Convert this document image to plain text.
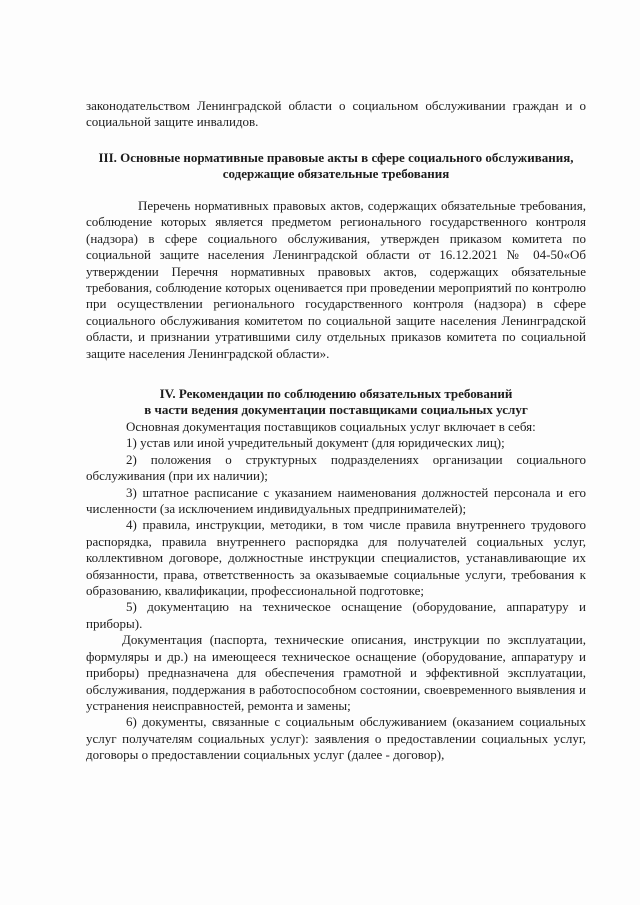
законодательством Ленинградской области о социальном обслуживании граждан и о социальной защите инвалидов.

III. Основные нормативные правовые акты в сфере социального обслуживания, содержащие обязательные требования

Перечень нормативных правовых актов, содержащих обязательные требования, соблюдение которых является предметом регионального государственного контроля (надзора) в сфере социального обслуживания, утвержден приказом комитета по социальной защите населения Ленинградской области от 16.12.2021 № 04-50«Об утверждении Перечня нормативных правовых актов, содержащих обязательные требования, соблюдение которых оценивается при проведении мероприятий по контролю при осуществлении регионального государственного контроля (надзора) в сфере социального обслуживания комитетом по социальной защите населения Ленинградской области, и признании утратившими силу отдельных приказов комитета по социальной защите населения Ленинградской области».

IV. Рекомендации по соблюдению обязательных требований

в части ведения документации поставщиками социальных услуг

Основная документация поставщиков социальных услуг включает в себя:

1) устав или иной учредительный документ (для юридических лиц);

2) положения о структурных подразделениях организации социального обслуживания (при их наличии);

3) штатное расписание с указанием наименования должностей персонала и его численности (за исключением индивидуальных предпринимателей);

4) правила, инструкции, методики, в том числе правила внутреннего трудового распорядка, правила внутреннего распорядка для получателей социальных услуг, коллективном договоре, должностные инструкции специалистов, устанавливающие их обязанности, права, ответственность за оказываемые социальные услуги, требования к образованию, квалификации, профессиональной подготовке;

5) документацию на техническое оснащение (оборудование, аппаратуру и приборы).

Документация (паспорта, технические описания, инструкции по эксплуатации, формуляры и др.) на имеющееся техническое оснащение (оборудование, аппаратуру и приборы) предназначена для обеспечения грамотной и эффективной эксплуатации, обслуживания, поддержания в работоспособном состоянии, своевременного выявления и устранения неисправностей, ремонта и замены;

6) документы, связанные с социальным обслуживанием (оказанием социальных услуг получателям социальных услуг): заявления о предоставлении социальных услуг, договоры о предоставлении социальных услуг (далее - договор),
